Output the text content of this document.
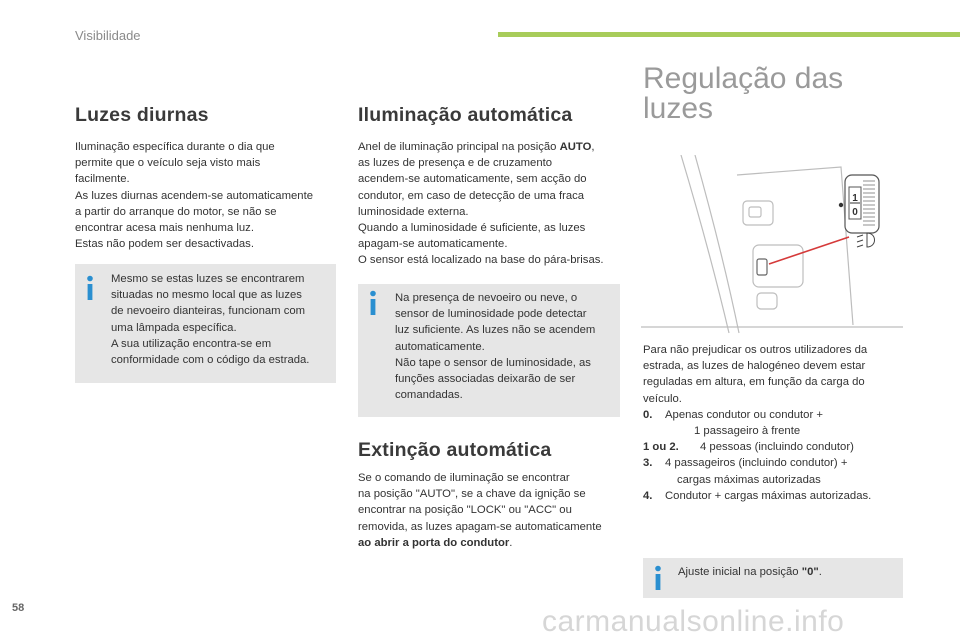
Visibilidade
Luzes diurnas

Iluminação específica durante o dia que

permite que o veículo seja visto mais

facilmente.

As luzes diurnas acendem-se automaticamente

a partir do arranque do motor, se não se

encontrar acesa mais nenhuma luz.

Estas não podem ser desactivadas.

Mesmo se estas luzes se encontrarem

situadas no mesmo local que as luzes

de nevoeiro dianteiras, funcionam com

uma lâmpada específica.

A sua utilização encontra-se em

conformidade com o código da estrada.

Iluminação automática

Anel de iluminação principal na posição AUTO,

as luzes de presença e de cruzamento

acendem-se automaticamente, sem acção do

condutor, em caso de detecção de uma fraca

luminosidade externa.

Quando a luminosidade é suficiente, as luzes

apagam-se automaticamente.

O sensor está localizado na base do pára-brisas.

Na presença de nevoeiro ou neve, o

sensor de luminosidade pode detectar

luz suficiente. As luzes não se acendem

automaticamente.

Não tape o sensor de luminosidade, as

funções associadas deixarão de ser

comandadas.

Extinção automática

Se o comando de iluminação se encontrar

na posição "AUTO", se a chave da ignição se

encontrar na posição "LOCK" ou "ACC" ou

removida, as luzes apagam-se automaticamente

ao abrir a porta do condutor.

Regulação das
luzes
1
0

Para não prejudicar os outros utilizadores da

estrada, as luzes de halogéneo devem estar

reguladas em altura, em função da carga do

veículo.

0.	Apenas condutor ou condutor +
1 passageiro à frente
1 ou 2.	4 pessoas (incluindo condutor)
3.	4 passageiros (incluindo condutor) +
cargas máximas autorizadas
4.	Condutor + cargas máximas autorizadas.

Ajuste inicial na posição "0".

58	carmanualsonline.info
